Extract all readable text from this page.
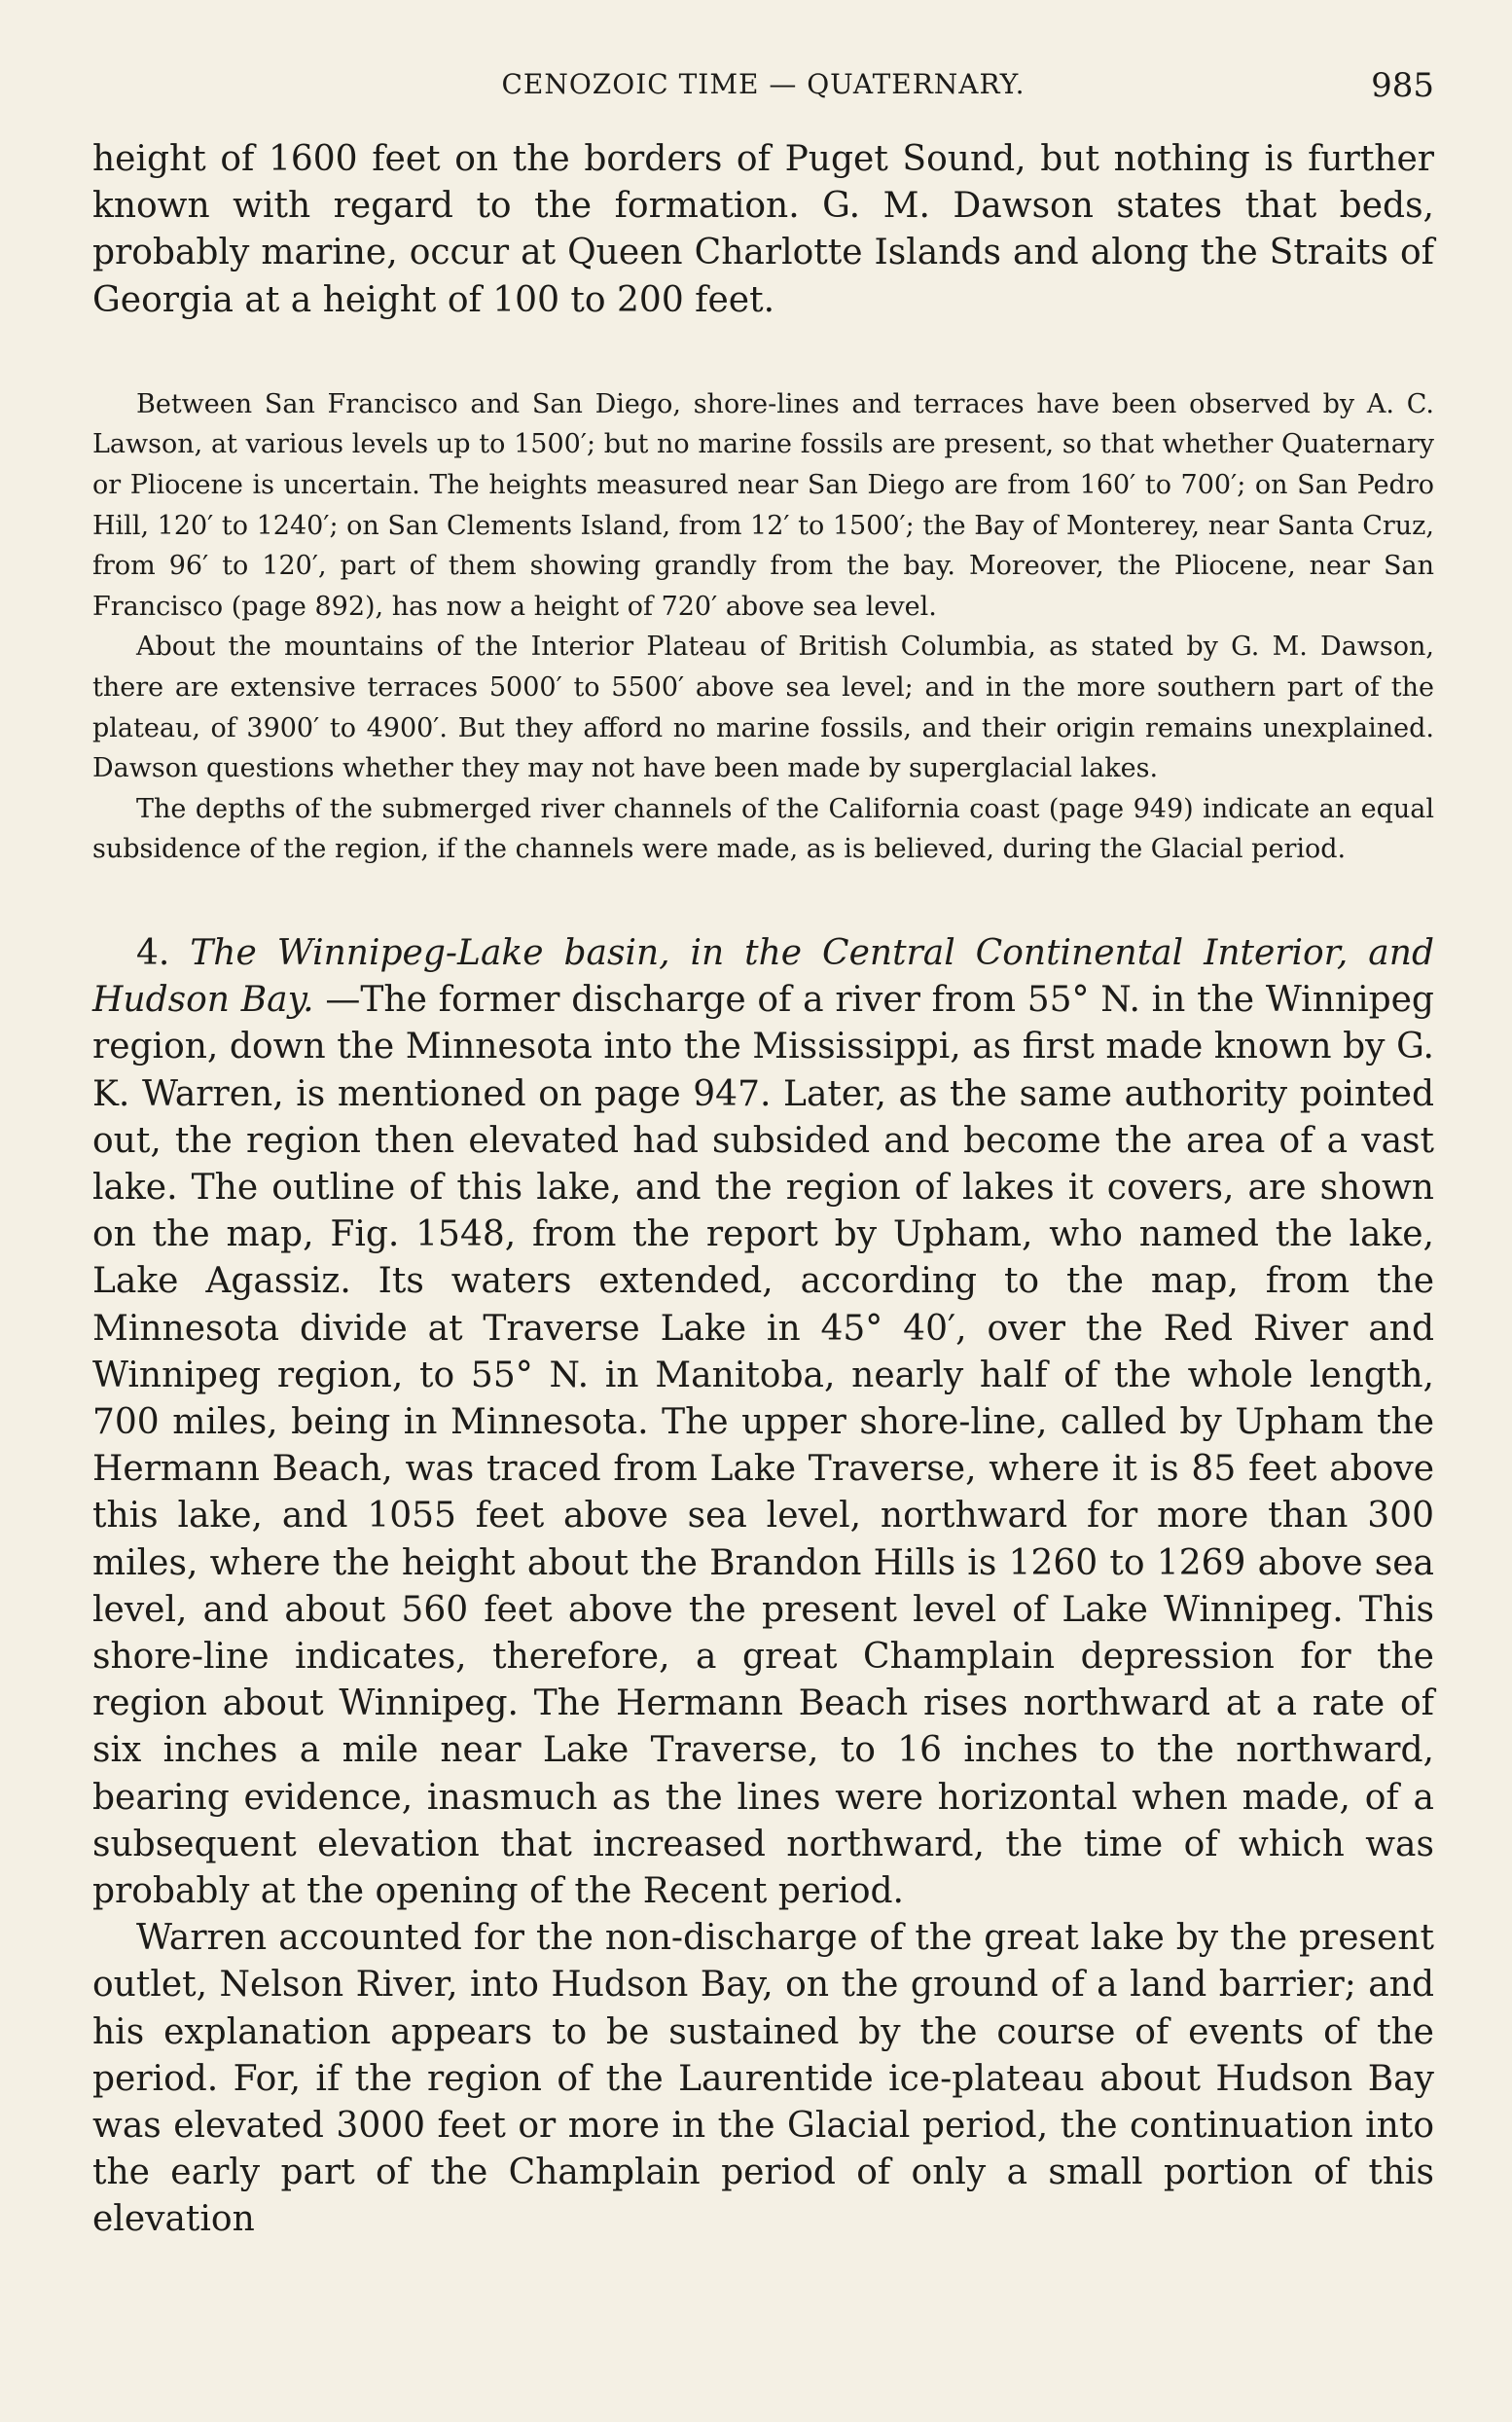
CENOZOIC TIME — QUATERNARY.	985

height of 1600 feet on the borders of Puget Sound, but nothing is further known with regard to the formation. G. M. Dawson states that beds, probably marine, occur at Queen Charlotte Islands and along the Straits of Georgia at a height of 100 to 200 feet.

Between San Francisco and San Diego, shore-lines and terraces have been observed by A. C. Lawson, at various levels up to 1500′; but no marine fossils are present, so that whether Quaternary or Pliocene is uncertain. The heights measured near San Diego are from 160′ to 700′; on San Pedro Hill, 120′ to 1240′; on San Clements Island, from 12′ to 1500′; the Bay of Monterey, near Santa Cruz, from 96′ to 120′, part of them showing grandly from the bay. Moreover, the Pliocene, near San Francisco (page 892), has now a height of 720′ above sea level.

About the mountains of the Interior Plateau of British Columbia, as stated by G. M. Dawson, there are extensive terraces 5000′ to 5500′ above sea level; and in the more southern part of the plateau, of 3900′ to 4900′. But they afford no marine fossils, and their origin remains unexplained. Dawson questions whether they may not have been made by superglacial lakes.

The depths of the submerged river channels of the California coast (page 949) indicate an equal subsidence of the region, if the channels were made, as is believed, during the Glacial period.

4. The Winnipeg-Lake basin, in the Central Continental Interior, and Hudson Bay. —The former discharge of a river from 55° N. in the Winnipeg region, down the Minnesota into the Mississippi, as first made known by G. K. Warren, is mentioned on page 947. Later, as the same authority pointed out, the region then elevated had subsided and become the area of a vast lake. The outline of this lake, and the region of lakes it covers, are shown on the map, Fig. 1548, from the report by Upham, who named the lake, Lake Agassiz. Its waters extended, according to the map, from the Minnesota divide at Traverse Lake in 45° 40′, over the Red River and Winnipeg region, to 55° N. in Manitoba, nearly half of the whole length, 700 miles, being in Minnesota. The upper shore-line, called by Upham the Hermann Beach, was traced from Lake Traverse, where it is 85 feet above this lake, and 1055 feet above sea level, northward for more than 300 miles, where the height about the Brandon Hills is 1260 to 1269 above sea level, and about 560 feet above the present level of Lake Winnipeg. This shore-line indicates, therefore, a great Champlain depression for the region about Winnipeg. The Hermann Beach rises northward at a rate of six inches a mile near Lake Traverse, to 16 inches to the northward, bearing evidence, inasmuch as the lines were horizontal when made, of a subsequent elevation that increased northward, the time of which was probably at the opening of the Recent period.

Warren accounted for the non-discharge of the great lake by the present outlet, Nelson River, into Hudson Bay, on the ground of a land barrier; and his explanation appears to be sustained by the course of events of the period. For, if the region of the Laurentide ice-plateau about Hudson Bay was elevated 3000 feet or more in the Glacial period, the continuation into the early part of the Champlain period of only a small portion of this elevation
